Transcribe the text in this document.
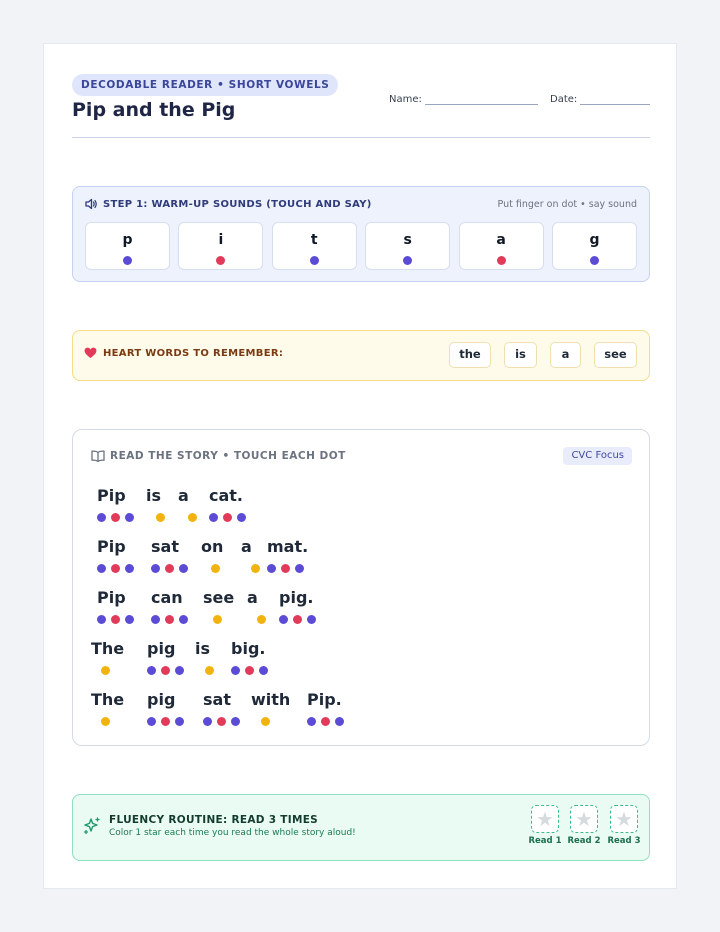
DECODABLE READER • SHORT VOWELS
Pip and the Pig	Name:	Date:
STEP 1: WARM-UP SOUNDS (TOUCH AND SAY)	Put finger on dot • say sound
p	i	t	s	a	g
HEART WORDS TO REMEMBER:	the	is	a	see
READ THE STORY • TOUCH EACH DOT	CVC Focus
Pip is a cat.
Pip sat on a mat.
Pip can see a pig.
The pig is big.
The pig sat with Pip.
FLUENCY ROUTINE: READ 3 TIMES
Color 1 star each time you read the whole story aloud!
★
Read 1
★
Read 2
★
Read 3
